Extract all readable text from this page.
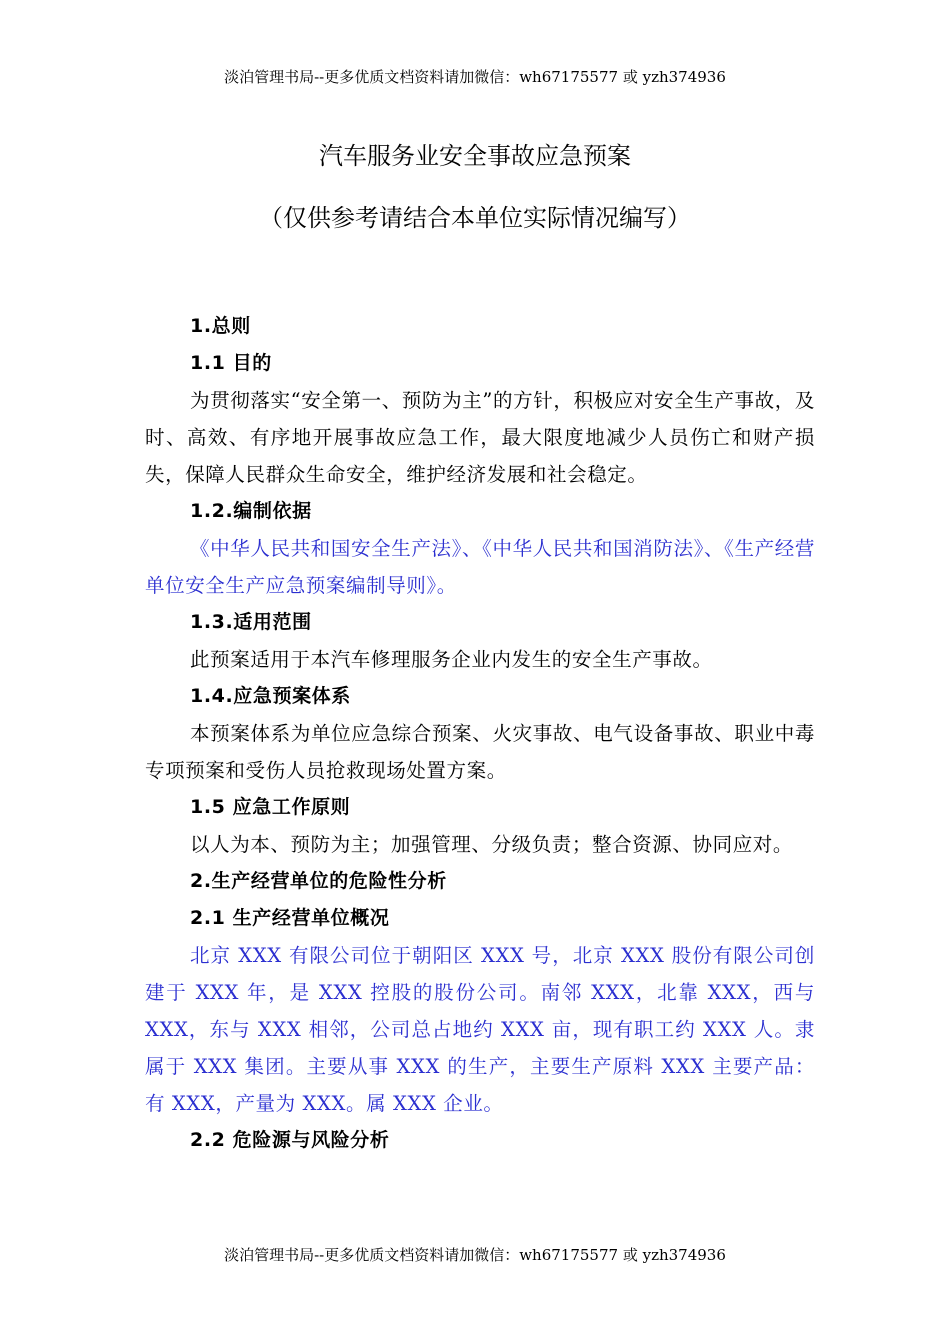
淡泊管理书局--更多优质文档资料请加微信：wh67175577 或 yzh374936
汽车服务业安全事故应急预案
（仅供参考请结合本单位实际情况编写）

1.总则

1.1 目的

为贯彻落实“安全第一、预防为主”的方针，积极应对安全生产事故，及时、高效、有序地开展事故应急工作，最大限度地减少人员伤亡和财产损失，保障人民群众生命安全，维护经济发展和社会稳定。

1.2.编制依据

《中华人民共和国安全生产法》、《中华人民共和国消防法》、《生产经营单位安全生产应急预案编制导则》。

1.3.适用范围

此预案适用于本汽车修理服务企业内发生的安全生产事故。

1.4.应急预案体系

本预案体系为单位应急综合预案、火灾事故、电气设备事故、职业中毒专项预案和受伤人员抢救现场处置方案。

1.5 应急工作原则

以人为本、预防为主；加强管理、分级负责；整合资源、协同应对。

2.生产经营单位的危险性分析

2.1 生产经营单位概况

北京 XXX 有限公司位于朝阳区 XXX 号，北京 XXX 股份有限公司创建于 XXX 年，是 XXX 控股的股份公司。南邻 XXX，北靠 XXX，西与 XXX，东与 XXX 相邻，公司总占地约 XXX 亩，现有职工约 XXX 人。隶属于 XXX 集团。主要从事 XXX 的生产，主要生产原料 XXX 主要产品：有 XXX，产量为 XXX。属 XXX 企业。

2.2 危险源与风险分析

淡泊管理书局--更多优质文档资料请加微信：wh67175577 或 yzh374936
